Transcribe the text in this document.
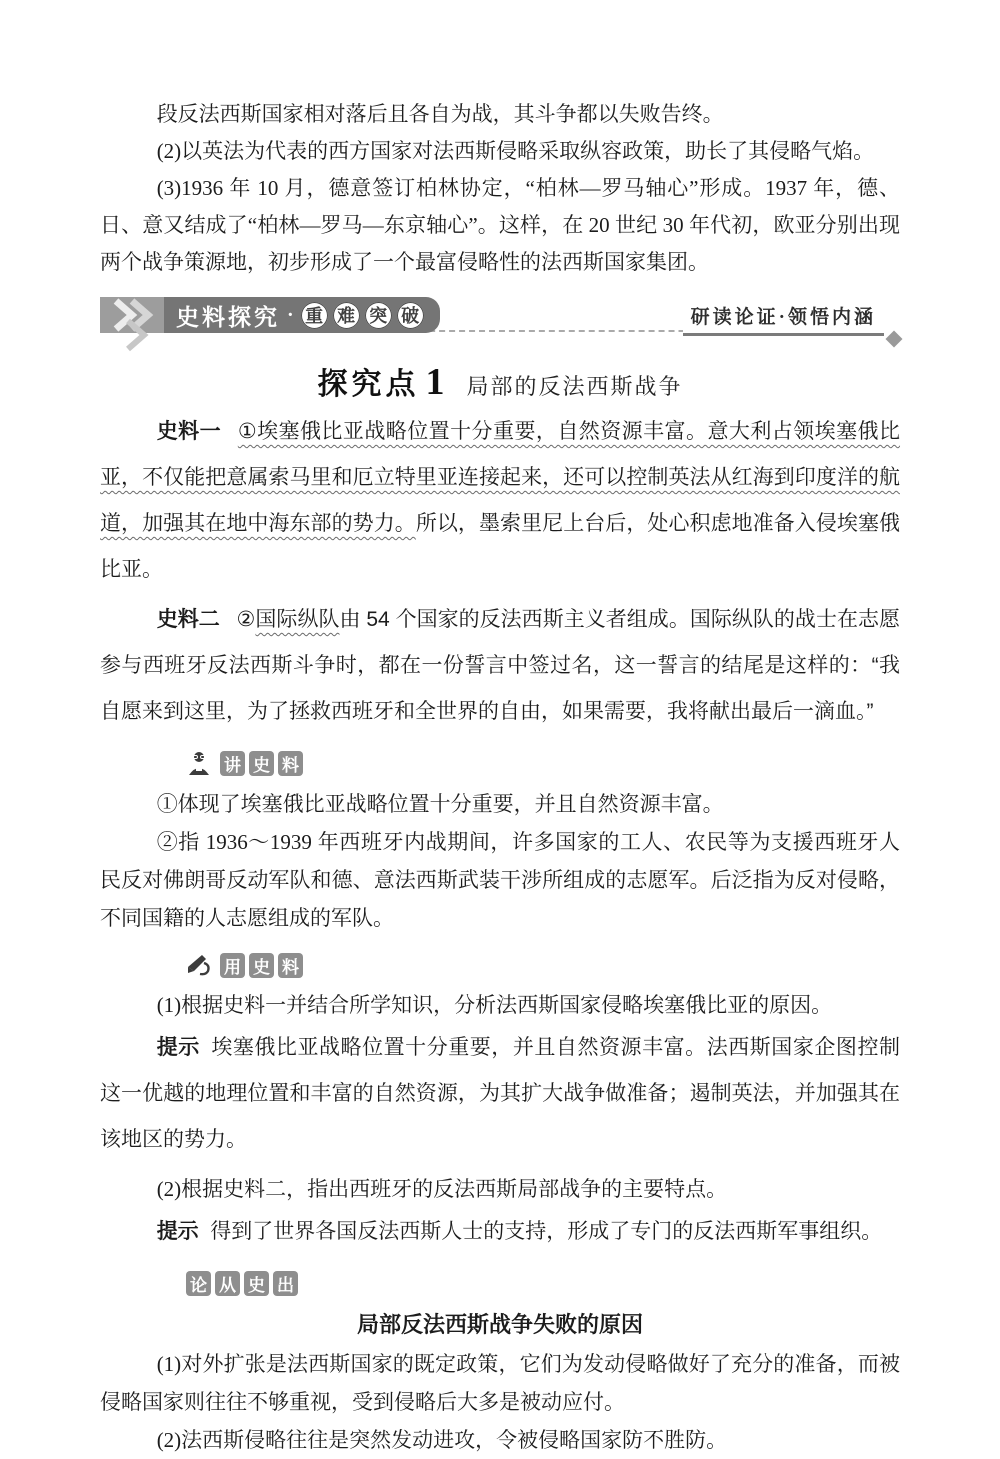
段反法西斯国家相对落后且各自为战，其斗争都以失败告终。

(2)以英法为代表的西方国家对法西斯侵略采取纵容政策，助长了其侵略气焰。

(3)1936 年 10 月，德意签订柏林协定，“柏林—罗马轴心”形成。1937 年，德、日、意又结成了“柏林—罗马—东京轴心”。这样，在 20 世纪 30 年代初，欧亚分别出现两个战争策源地，初步形成了一个最富侵略性的法西斯国家集团。

史料探究 · 重 难 突 破	研读论证·领悟内涵
探究点 1 局部的反法西斯战争

史料一 ①埃塞俄比亚战略位置十分重要，自然资源丰富。意大利占领埃塞俄比亚，不仅能把意属索马里和厄立特里亚连接起来，还可以控制英法从红海到印度洋的航道，加强其在地中海东部的势力。所以，墨索里尼上台后，处心积虑地准备入侵埃塞俄比亚。

史料二 ②国际纵队由 54 个国家的反法西斯主义者组成。国际纵队的战士在志愿参与西班牙反法西斯斗争时，都在一份誓言中签过名，这一誓言的结尾是这样的：“我自愿来到这里，为了拯救西班牙和全世界的自由，如果需要，我将献出最后一滴血。”

讲 史 料

①体现了埃塞俄比亚战略位置十分重要，并且自然资源丰富。

②指 1936～1939 年西班牙内战期间，许多国家的工人、农民等为支援西班牙人民反对佛朗哥反动军队和德、意法西斯武装干涉所组成的志愿军。后泛指为反对侵略，不同国籍的人志愿组成的军队。

用 史 料

(1)根据史料一并结合所学知识，分析法西斯国家侵略埃塞俄比亚的原因。

提示 埃塞俄比亚战略位置十分重要，并且自然资源丰富。法西斯国家企图控制这一优越的地理位置和丰富的自然资源，为其扩大战争做准备；遏制英法，并加强其在该地区的势力。

(2)根据史料二，指出西班牙的反法西斯局部战争的主要特点。

提示 得到了世界各国反法西斯人士的支持，形成了专门的反法西斯军事组织。

论 从 史 出
局部反法西斯战争失败的原因

(1)对外扩张是法西斯国家的既定政策，它们为发动侵略做好了充分的准备，而被侵略国家则往往不够重视，受到侵略后大多是被动应付。

(2)法西斯侵略往往是突然发动进攻，令被侵略国家防不胜防。
